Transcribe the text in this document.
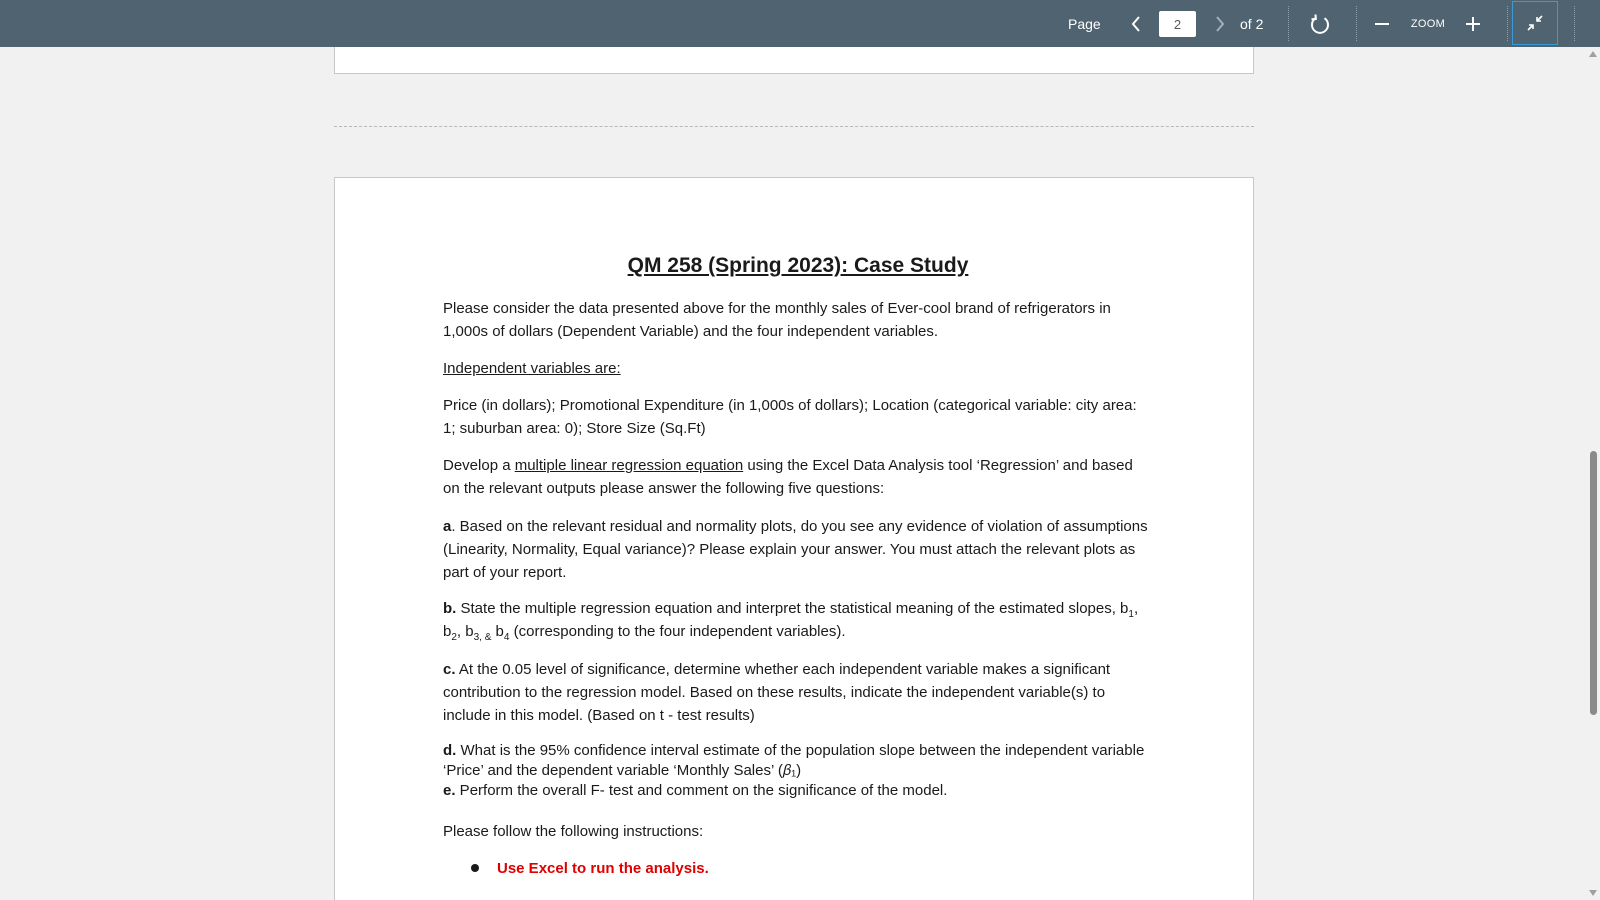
Page	2	of 2	ZOOM
QM 258 (Spring 2023): Case Study
Please consider the data presented above for the monthly sales of Ever-cool brand of refrigerators in 1,000s of dollars (Dependent Variable) and the four independent variables.
Independent variables are:
Price (in dollars); Promotional Expenditure (in 1,000s of dollars); Location (categorical variable: city area: 1; suburban area: 0); Store Size (Sq.Ft)
Develop a multiple linear regression equation using the Excel Data Analysis tool ‘Regression’ and based on the relevant outputs please answer the following five questions:
a. Based on the relevant residual and normality plots, do you see any evidence of violation of assumptions (Linearity, Normality, Equal variance)? Please explain your answer. You must attach the relevant plots as part of your report.
b. State the multiple regression equation and interpret the statistical meaning of the estimated slopes, $b_1$, $b_2$, $b_{3, \&}$ $b_4$ (corresponding to the four independent variables).
c. At the 0.05 level of significance, determine whether each independent variable makes a significant contribution to the regression model. Based on these results, indicate the independent variable(s) to include in this model. (Based on t - test results)
d. What is the 95% confidence interval estimate of the population slope between the independent variable ‘Price’ and the dependent variable ‘Monthly Sales’ (𝛽₁)
e. Perform the overall F- test and comment on the significance of the model.
Please follow the following instructions:
Use Excel to run the analysis.
